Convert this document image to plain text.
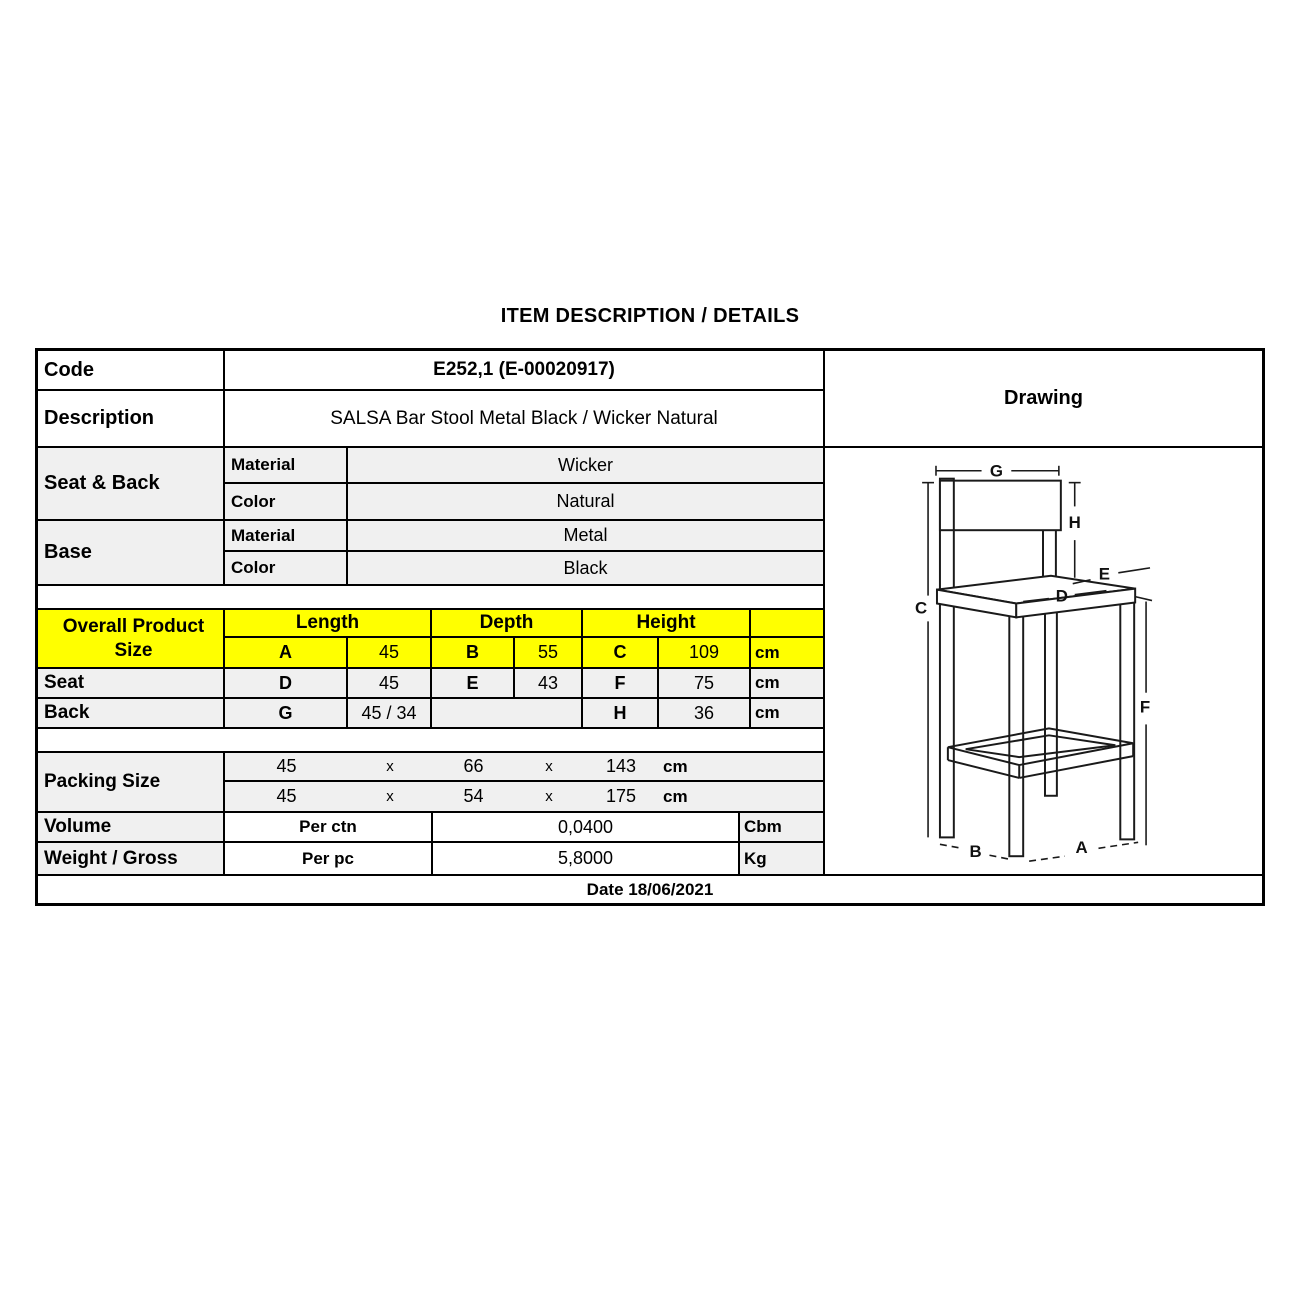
ITEM DESCRIPTION / DETAILS
Code	E252,1 (E-00020917)
Description	SALSA Bar Stool Metal Black / Wicker Natural
Seat & Back
Material	Wicker
Color	Natural
Base
Material	Metal
Color	Black
Overall Product
Size
Length	Depth	Height
A	45	B	55	C	109	cm
Seat	D	45	E	43	F	75	cm
Back	G	45 / 34	H	36	cm
Packing Size
45	x	66	x	143	cm
45	x	54	x	175	cm
Volume	Per ctn	0,0400	Cbm
Weight / Gross	Per pc	5,8000	Kg
Drawing
G
C
H
D
E
F
A
B
Date 18/06/2021
